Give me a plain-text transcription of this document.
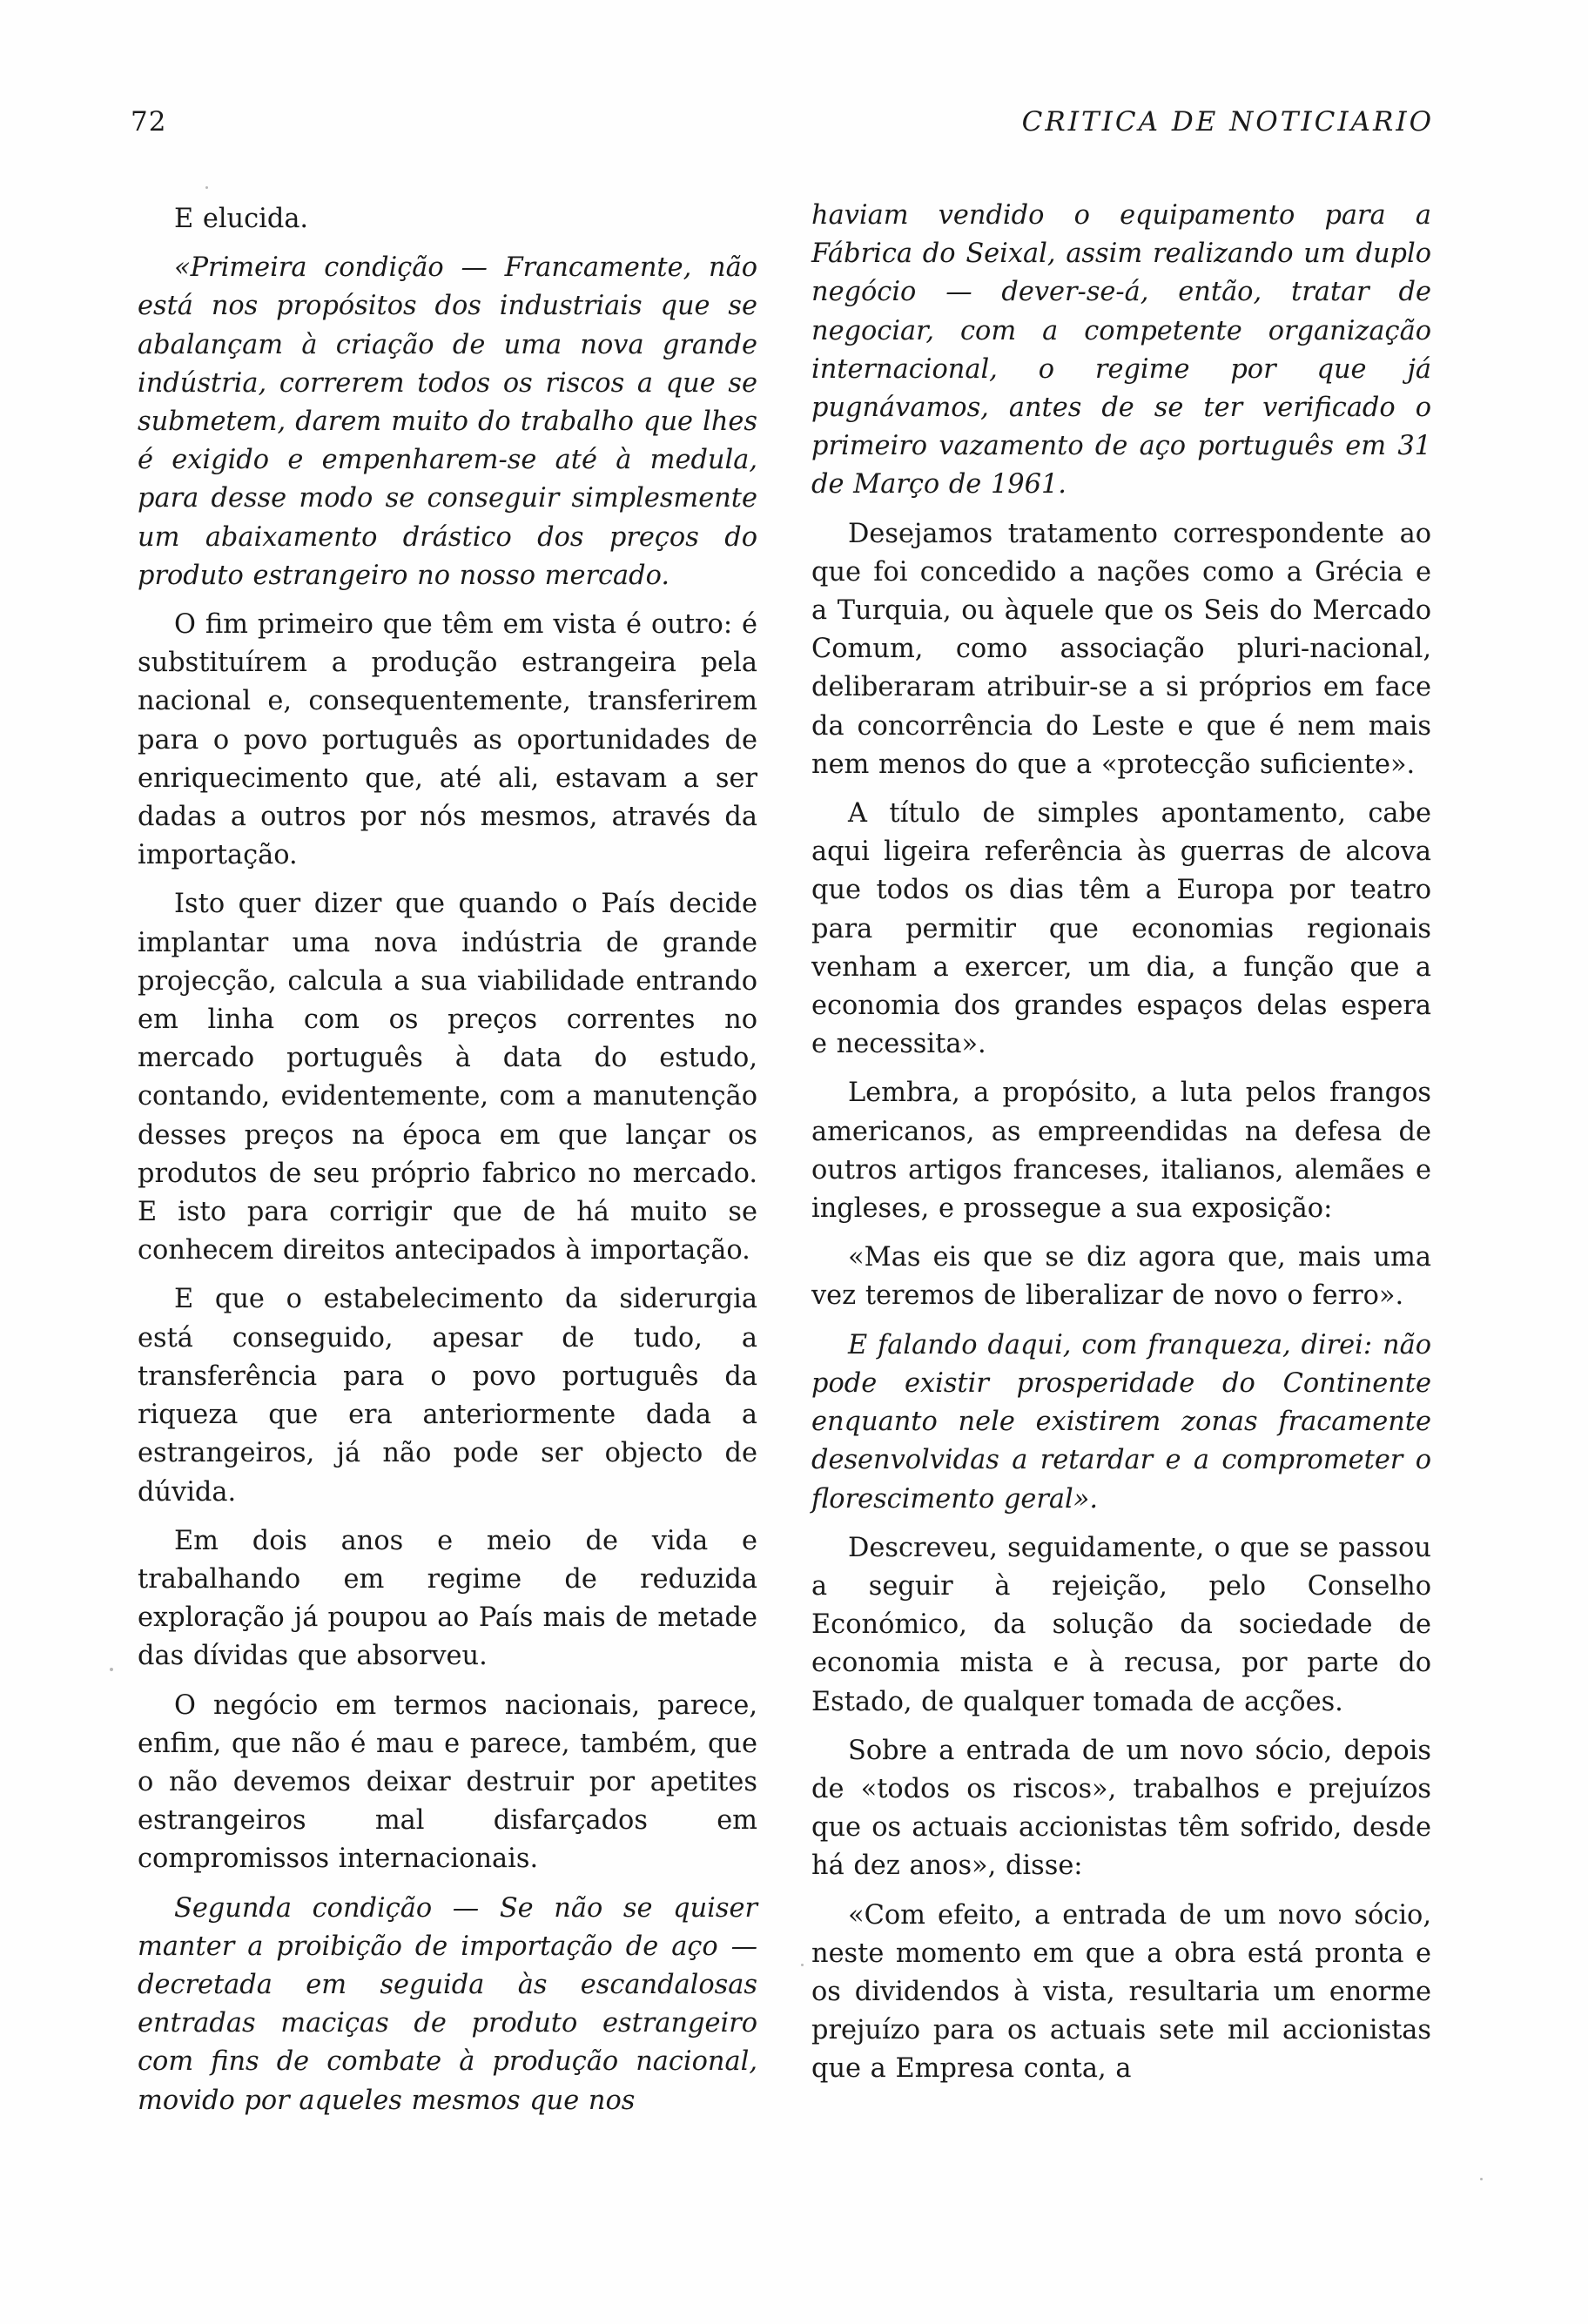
72	CRITICA DE NOTICIARIO

E elucida.

«Primeira condição — Francamente, não está nos propósitos dos industriais que se abalançam à criação de uma nova grande indústria, correrem todos os riscos a que se submetem, darem muito do trabalho que lhes é exigido e empenharem-se até à medula, para desse modo se conseguir simplesmente um abaixamento drástico dos preços do produto estrangeiro no nosso mercado.

O fim primeiro que têm em vista é outro: é substituírem a produção estrangeira pela nacional e, consequentemente, transferirem para o povo português as oportunidades de enriquecimento que, até ali, estavam a ser dadas a outros por nós mesmos, através da importação.

Isto quer dizer que quando o País decide implantar uma nova indústria de grande projecção, calcula a sua viabilidade entrando em linha com os preços correntes no mercado português à data do estudo, contando, evidentemente, com a manutenção desses preços na época em que lançar os produtos de seu próprio fabrico no mercado. E isto para corrigir que de há muito se conhecem direitos antecipados à importação.

E que o estabelecimento da siderurgia está conseguido, apesar de tudo, a transferência para o povo português da riqueza que era anteriormente dada a estrangeiros, já não pode ser objecto de dúvida.

Em dois anos e meio de vida e trabalhando em regime de reduzida exploração já poupou ao País mais de metade das dívidas que absorveu.

O negócio em termos nacionais, parece, enfim, que não é mau e parece, também, que o não devemos deixar destruir por apetites estrangeiros mal disfarçados em compromissos internacionais.

Segunda condição — Se não se quiser manter a proibição de importação de aço — decretada em seguida às escandalosas entradas maciças de produto estrangeiro com fins de combate à produção nacional, movido por aqueles mesmos que nos

haviam vendido o equipamento para a Fábrica do Seixal, assim realizando um duplo negócio — dever-se-á, então, tratar de negociar, com a competente organização internacional, o regime por que já pugnávamos, antes de se ter verificado o primeiro vazamento de aço português em 31 de Março de 1961.

Desejamos tratamento correspondente ao que foi concedido a nações como a Grécia e a Turquia, ou àquele que os Seis do Mercado Comum, como associação pluri-nacional, deliberaram atribuir-se a si próprios em face da concorrência do Leste e que é nem mais nem menos do que a «protecção suficiente».

A título de simples apontamento, cabe aqui ligeira referência às guerras de alcova que todos os dias têm a Europa por teatro para permitir que economias regionais venham a exercer, um dia, a função que a economia dos grandes espaços delas espera e necessita».

Lembra, a propósito, a luta pelos frangos americanos, as empreendidas na defesa de outros artigos franceses, italianos, alemães e ingleses, e prossegue a sua exposição:

«Mas eis que se diz agora que, mais uma vez teremos de liberalizar de novo o ferro».

E falando daqui, com franqueza, direi: não pode existir prosperidade do Continente enquanto nele existirem zonas fracamente desenvolvidas a retardar e a comprometer o florescimento geral».

Descreveu, seguidamente, o que se passou a seguir à rejeição, pelo Conselho Económico, da solução da sociedade de economia mista e à recusa, por parte do Estado, de qualquer tomada de acções.

Sobre a entrada de um novo sócio, depois de «todos os riscos», trabalhos e prejuízos que os actuais accionistas têm sofrido, desde há dez anos», disse:

«Com efeito, a entrada de um novo sócio, neste momento em que a obra está pronta e os dividendos à vista, resultaria um enorme prejuízo para os actuais sete mil accionistas que a Empresa conta, a
